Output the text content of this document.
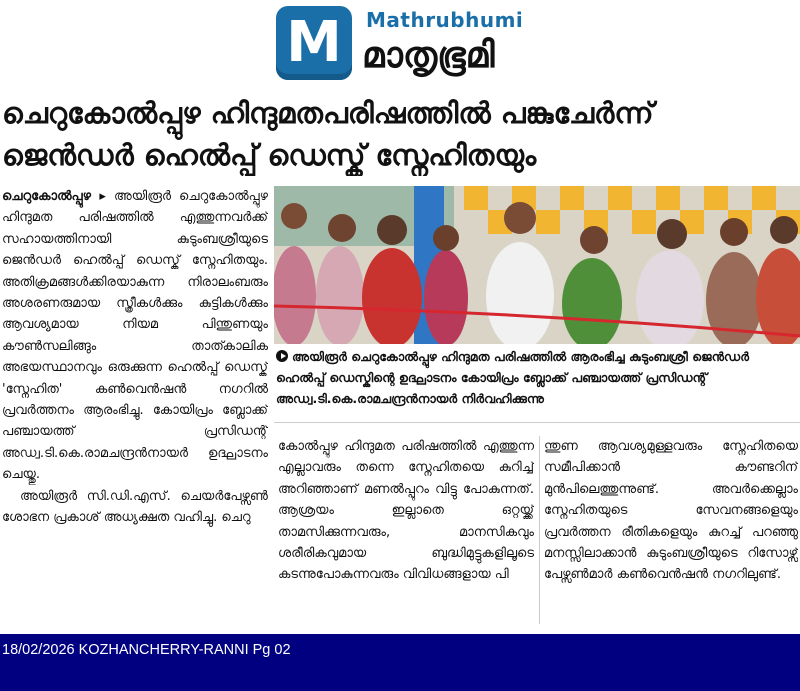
M	Mathrubhumi
മാതൃഭൂമി
ചെറുകോൽപ്പുഴ ഹിന്ദുമതപരിഷത്തിൽ പങ്കുചേർന്ന്
ജെൻഡർ ഹെൽപ്പ് ഡെസ്ക് സ്നേഹിതയും

ചെറുകോൽപ്പുഴ ▸ അയിരൂർ ചെറുകോൽപ്പുഴ ഹിന്ദുമത പരിഷത്തിൽ എത്തുന്നവർക്ക് സഹായത്തിനായി കുടുംബശ്രീയുടെ ജെൻഡർ ഹെൽപ്പ് ഡെസ്ക് സ്നേഹിതയും. അതിക്രമങ്ങൾക്കിരയാകുന്ന നിരാലംബരും അശരണരുമായ സ്ത്രീകൾക്കും കുട്ടികൾക്കും ആവശ്യമായ നിയമ പിന്തുണയും കൗൺസലിങ്ങും താത്കാലിക അഭയസ്ഥാനവും ഒരുക്കുന്ന ഹെൽപ്പ് ഡെസ്ക് 'സ്നേഹിത' കൺവെൻഷൻ നഗറിൽ പ്രവർത്തനം ആരംഭിച്ചു. കോയിപ്രം ബ്ലോക്ക് പഞ്ചായത്ത് പ്രസിഡന്റ് അഡ്വ.ടി.കെ.രാമചന്ദ്രൻനായർ ഉദ്ഘാടനം ചെയ്തു.

അയിരൂർ സി.ഡി.എസ്. ചെയർപേഴ്സൺ ശോഭന പ്രകാശ് അധ്യക്ഷത വഹിച്ചു. ചെറു

അയിരൂർ ചെറുകോൽപ്പുഴ ഹിന്ദുമത പരിഷത്തിൽ ആരംഭിച്ച കുടുംബശ്രീ ജെൻഡർ ഹെൽപ്പ് ഡെസ്കിന്റെ ഉദ്ഘാടനം കോയിപ്രം ബ്ലോക്ക് പഞ്ചായത്ത് പ്രസിഡന്റ് അഡ്വ.ടി.കെ.രാമചന്ദ്രൻനായർ നിർവഹിക്കുന്നു

കോൽപ്പുഴ ഹിന്ദുമത പരിഷത്തിൽ എത്തുന്ന എല്ലാവരും തന്നെ സ്നേഹിതയെ കുറിച്ച് അറിഞ്ഞാണ് മണൽപ്പുറം വിട്ടു പോകുന്നത്. ആശ്രയം ഇല്ലാതെ ഒറ്റയ്ക്ക് താമസിക്കുന്നവരും, മാനസികവും ശരീരികവുമായ ബുദ്ധിമുട്ടുകളിലൂടെ കടന്നുപോകുന്നവരും വിവിധങ്ങളായ പി

ന്തുണ ആവശ്യമുള്ളവരും സ്നേഹിതയെ സമീപിക്കാൻ കൗണ്ടറിന് മുൻപിലെത്തുന്നുണ്ട്. അവർക്കെല്ലാം സ്നേഹിതയുടെ സേവനങ്ങളെയും പ്രവർത്തന രീതികളെയും കുറച്ച് പറഞ്ഞു മനസ്സിലാക്കാൻ കുടുംബശ്രീയുടെ റിസോഴ്സ് പേഴ്സൺമാർ കൺവെൻഷൻ നഗറിലുണ്ട്.

18/02/2026 KOZHANCHERRY-RANNI Pg 02
